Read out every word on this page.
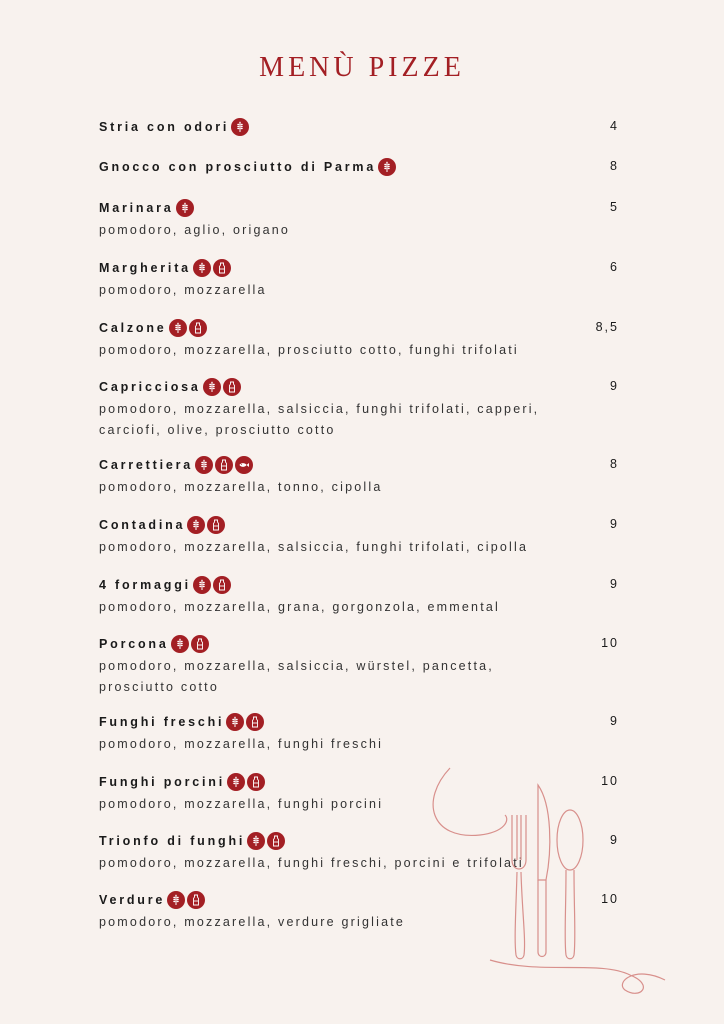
MENÙ PIZZE
Stria con odori	4
Gnocco con prosciutto di Parma	8
Marinara	5
pomodoro, aglio, origano
Margherita	6
pomodoro, mozzarella
Calzone	8,5
pomodoro, mozzarella, prosciutto cotto, funghi trifolati
Capricciosa	9
pomodoro, mozzarella, salsiccia, funghi trifolati, capperi, carciofi, olive, prosciutto cotto
Carrettiera	8
pomodoro, mozzarella, tonno, cipolla
Contadina	9
pomodoro, mozzarella, salsiccia, funghi trifolati, cipolla
4 formaggi	9
pomodoro, mozzarella, grana, gorgonzola, emmental
Porcona	10
pomodoro, mozzarella, salsiccia, würstel, pancetta, prosciutto cotto
Funghi freschi	9
pomodoro, mozzarella, funghi freschi
Funghi porcini	10
pomodoro, mozzarella, funghi porcini
Trionfo di funghi	9
pomodoro, mozzarella, funghi freschi, porcini e trifolati
Verdure	10
pomodoro, mozzarella, verdure grigliate
